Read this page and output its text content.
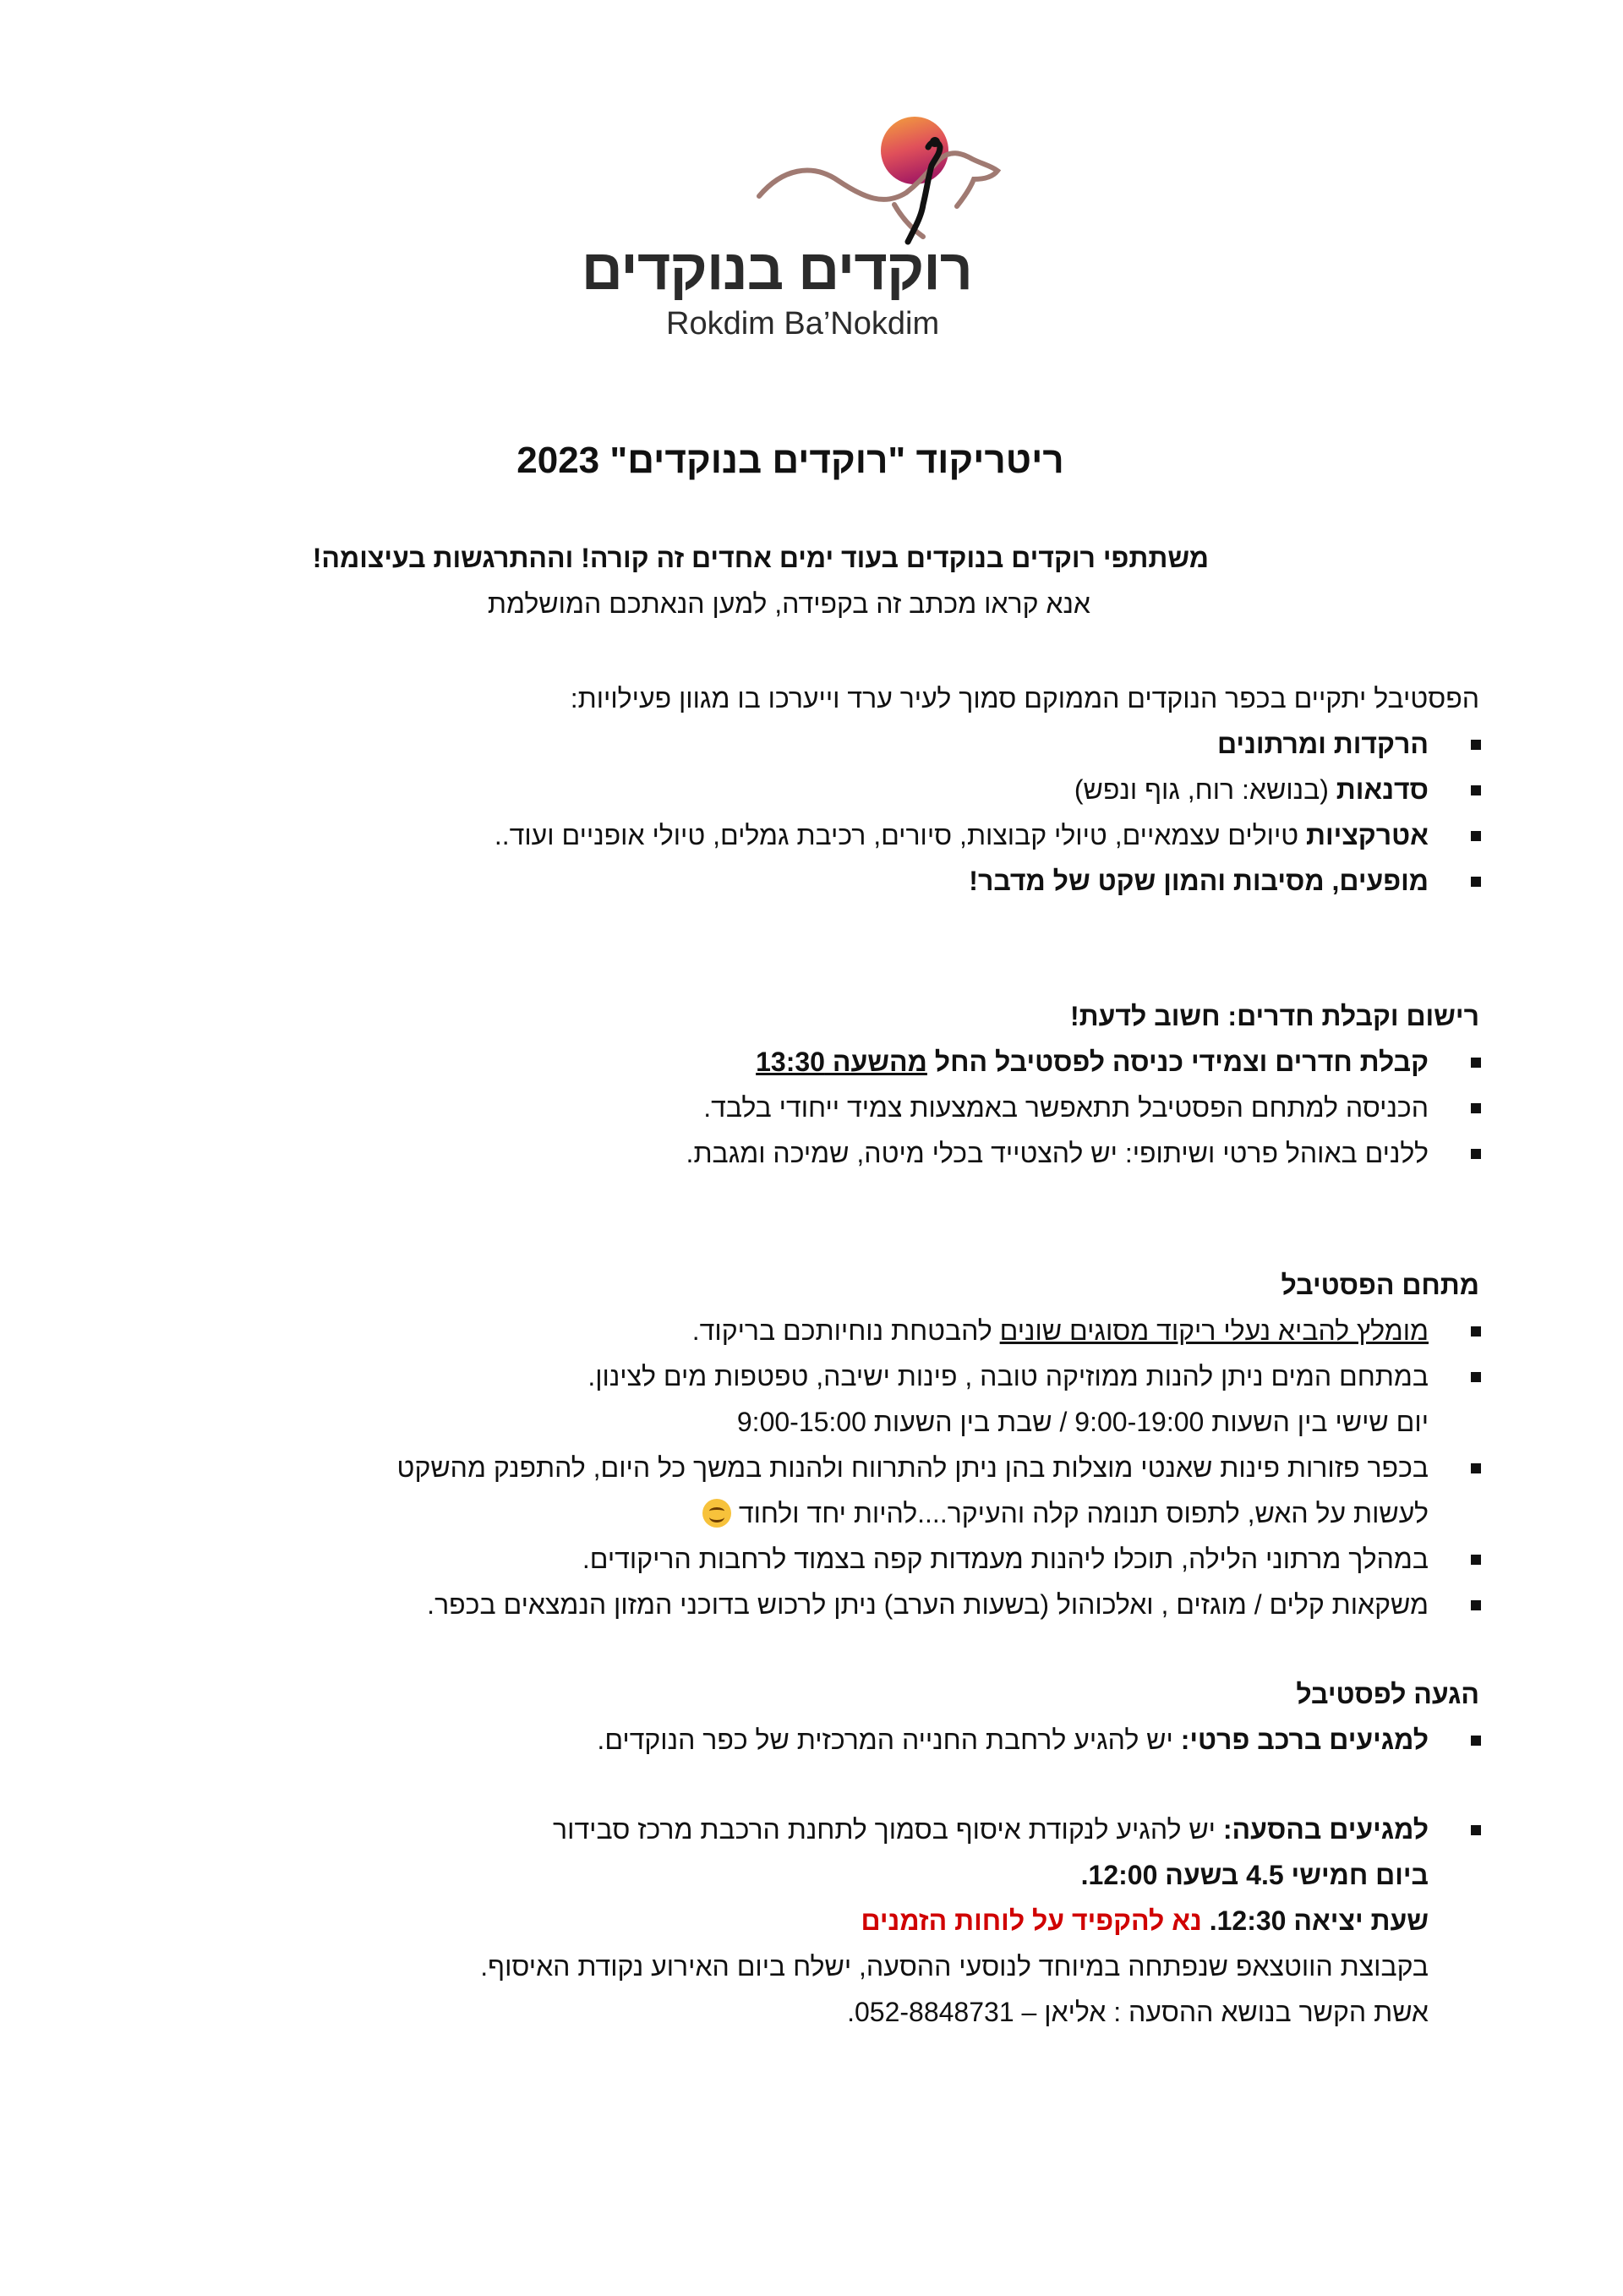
רוקדים בנוקדים
Rokdim Ba’Nokdim
ריטריקוד "רוקדים בנוקדים" 2023
משתתפי רוקדים בנוקדים בעוד ימים אחדים זה קורה! וההתרגשות בעיצומה!
אנא קראו מכתב זה בקפידה, למען הנאתכם המושלמת
הפסטיבל יתקיים בכפר הנוקדים הממוקם סמוך לעיר ערד וייערכו בו מגוון פעילויות:
הרקדות ומרתונים
סדנאות (בנושא: רוח, גוף ונפש)
אטרקציות טיולים עצמאיים, טיולי קבוצות, סיורים, רכיבת גמלים, טיולי אופניים ועוד..
מופעים, מסיבות והמון שקט של מדבר!
רישום וקבלת חדרים: חשוב לדעת!
קבלת חדרים וצמידי כניסה לפסטיבל החל מהשעה 13:30
הכניסה למתחם הפסטיבל תתאפשר באמצעות צמיד ייחודי בלבד.
ללנים באוהל פרטי ושיתופי: יש להצטייד בכלי מיטה, שמיכה ומגבת.
מתחם הפסטיבל
מומלץ להביא נעלי ריקוד מסוגים שונים להבטחת נוחיותכם בריקוד.
במתחם המים ניתן להנות ממוזיקה טובה , פינות ישיבה, טפטפות מים לצינון.
יום שישי בין השעות 9:00-19:00 / שבת בין השעות 9:00-15:00
בכפר פזורות פינות שאנטי מוצלות בהן ניתן להתרווח ולהנות במשך כל היום, להתפנק מהשקט
לעשות על האש, לתפוס תנומה קלה והעיקר....להיות יחד ולחוד
במהלך מרתוני הלילה, תוכלו ליהנות מעמדות קפה בצמוד לרחבות הריקודים.
משקאות קלים / מוגזים , ואלכוהול (בשעות הערב) ניתן לרכוש בדוכני המזון הנמצאים בכפר.
הגעה לפסטיבל
למגיעים ברכב פרטי: יש להגיע לרחבת החנייה המרכזית של כפר הנוקדים.
למגיעים בהסעה: יש להגיע לנקודת איסוף בסמוך לתחנת הרכבת מרכז סבידור
ביום חמישי 4.5 בשעה 12:00.
שעת יציאה 12:30. נא להקפיד על לוחות הזמנים
בקבוצת הווטצאפ שנפתחה במיוחד לנוסעי ההסעה, ישלח ביום האירוע נקודת האיסוף.
אשת הקשר בנושא ההסעה : אליאן – 052-8848731.
